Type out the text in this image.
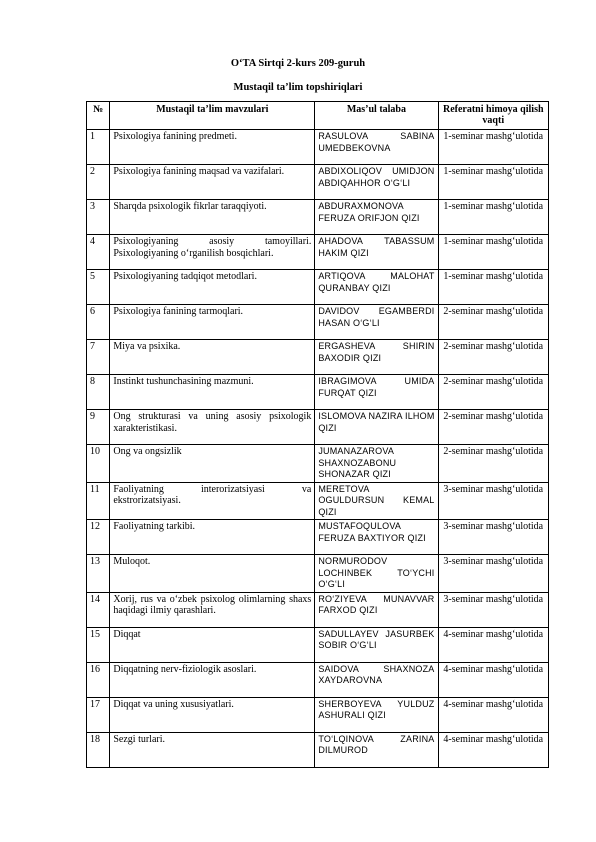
O‘TA Sirtqi 2-kurs 209-guruh
Mustaqil ta’lim topshiriqlari
№	Mustaqil ta’lim mavzulari	Mas’ul talaba	Referatni himoya qilish vaqti
1	Psixologiya fanining predmeti.	RASULOVA SABINA UMEDBEKOVNA	1-seminar mashg‘ulotida
2	Psixologiya fanining maqsad va vazifalari.	ABDIXOLIQOV UMIDJON ABDIQAHHOR O‘G‘LI	1-seminar mashg‘ulotida
3	Sharqda psixologik fikrlar taraqqiyoti.	ABDURAXMONOVA FERUZA ORIFJON QIZI	1-seminar mashg‘ulotida
4	Psixologiyaning asosiy tamoyillari. Psixologiyaning o‘rganilish bosqichlari.	AHADOVA TABASSUM HAKIM QIZI	1-seminar mashg‘ulotida
5	Psixologiyaning tadqiqot metodlari.	ARTIQOVA MALOHAT QURANBAY QIZI	1-seminar mashg‘ulotida
6	Psixologiya fanining tarmoqlari.	DAVIDOV EGAMBERDI HASAN O‘G‘LI	2-seminar mashg‘ulotida
7	Miya va psixika.	ERGASHEVA SHIRIN BAXODIR QIZI	2-seminar mashg‘ulotida
8	Instinkt tushunchasining mazmuni.	IBRAGIMOVA UMIDA FURQAT QIZI	2-seminar mashg‘ulotida
9	Ong strukturasi va uning asosiy psixologik xarakteristikasi.	ISLOMOVA NAZIRA ILHOM QIZI	2-seminar mashg‘ulotida
10	Ong va ongsizlik	JUMANAZAROVA SHAXNOZABONU SHONAZAR QIZI	2-seminar mashg‘ulotida
11	Faoliyatning interorizatsiyasi va ekstrorizatsiyasi.	MERETOVA OGULDURSUN KEMAL QIZI	3-seminar mashg‘ulotida
12	Faoliyatning tarkibi.	MUSTAFOQULOVA FERUZA BAXTIYOR QIZI	3-seminar mashg‘ulotida
13	Muloqot.	NORMURODOV LOCHINBEK TO‘YCHI O‘G‘LI	3-seminar mashg‘ulotida
14	Xorij, rus va o‘zbek psixolog olimlarning shaxs haqidagi ilmiy qarashlari.	RO‘ZIYEVA MUNAVVAR FARXOD QIZI	3-seminar mashg‘ulotida
15	Diqqat	SADULLAYEV JASURBEK SOBIR O‘G‘LI	4-seminar mashg‘ulotida
16	Diqqatning nerv-fiziologik asoslari.	SAIDOVA SHAXNOZA XAYDAROVNA	4-seminar mashg‘ulotida
17	Diqqat va uning xususiyatlari.	SHERBOYEVA YULDUZ ASHURALI QIZI	4-seminar mashg‘ulotida
18	Sezgi turlari.	TO‘LQINOVA ZARINA DILMUROD	4-seminar mashg‘ulotida
